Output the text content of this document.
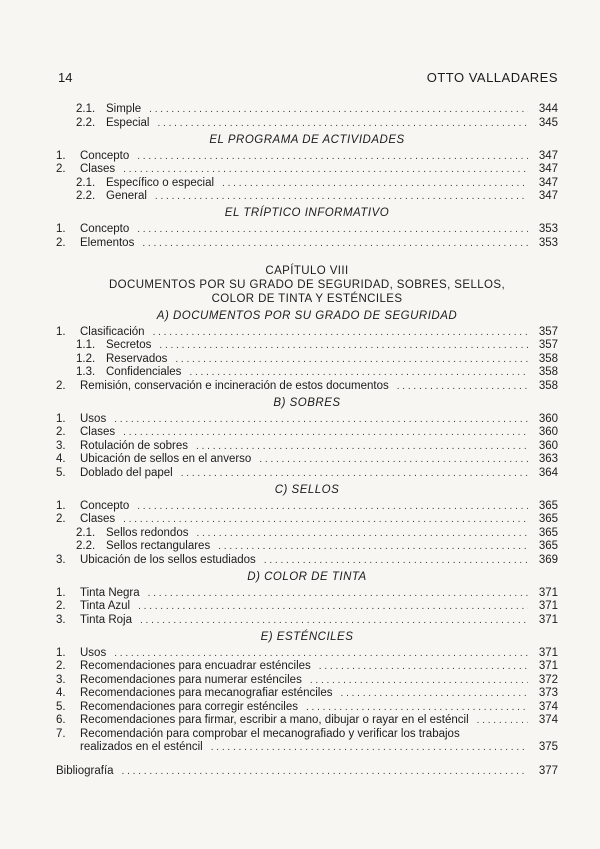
14	OTTO VALLADARES
2.1. Simple . . .	344
2.2. Especial . . .	345
EL PROGRAMA DE ACTIVIDADES
1.	Concepto . . .	347
2.	Clases . . .	347
2.1. Específico o especial . . .	347
2.2. General . . .	347
EL TRÍPTICO INFORMATIVO
1.	Concepto . . .	353
2.	Elementos . . .	353
CAPÍTULO VIII
DOCUMENTOS POR SU GRADO DE SEGURIDAD, SOBRES, SELLOS,
COLOR DE TINTA Y ESTÉNCILES
A) DOCUMENTOS POR SU GRADO DE SEGURIDAD
1.	Clasificación . . .	357
1.1. Secretos . . .	357
1.2. Reservados . . .	358
1.3. Confidenciales . . .	358
2.	Remisión, conservación e incineración de estos documentos . . .	358
B) SOBRES
1.	Usos . . .	360
2.	Clases . . .	360
3.	Rotulación de sobres . . .	360
4.	Ubicación de sellos en el anverso . . .	363
5.	Doblado del papel . . .	364
C) SELLOS
1.	Concepto . . .	365
2.	Clases . . .	365
2.1. Sellos redondos . . .	365
2.2. Sellos rectangulares . . .	365
3.	Ubicación de los sellos estudiados . . .	369
D) COLOR DE TINTA
1.	Tinta Negra . . .	371
2.	Tinta Azul . . .	371
3.	Tinta Roja . . .	371
E) ESTÉNCILES
1.	Usos . . .	371
2.	Recomendaciones para encuadrar esténciles . . .	371
3.	Recomendaciones para numerar esténciles . . .	372
4.	Recomendaciones para mecanografiar esténciles . . .	373
5.	Recomendaciones para corregir esténciles . . .	374
6.	Recomendaciones para firmar, escribir a mano, dibujar o rayar en el esténcil . . .	374
7.	Recomendación para comprobar el mecanografiado y verificar los trabajos
realizados en el esténcil . . .	375
Bibliografía . . .	377
